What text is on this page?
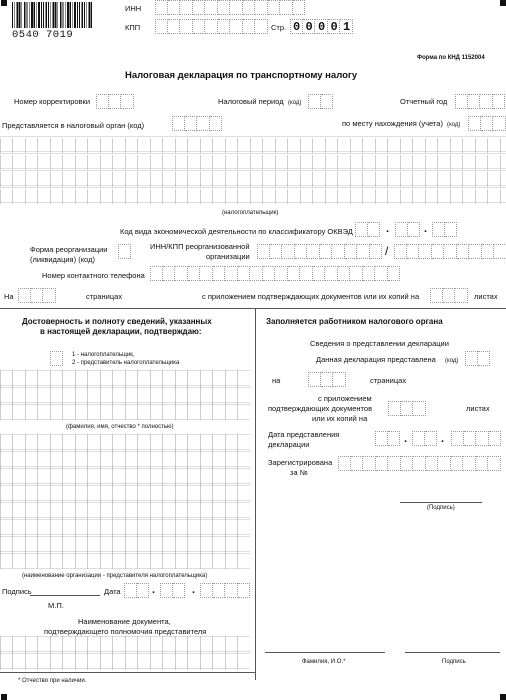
0540 7019
ИНН
КПП	Стр. 0 0 0 0 1
Форма по КНД 1152004
Налоговая декларация по транспортному налогу
Номер корректировки	Налоговый период (код)	Отчетный год
Представляется в налоговый орган (код)	по месту нахождения (учета) (код)
(налогоплательщик)
Код вида экономической деятельности по классификатору ОКВЭД	.	.
Форма реорганизации
(ликвидация) (код)
ИНН/КПП реорганизованной
организации	/
Номер контактного телефона
На	страницах	с приложением подтверждающих документов или их копий на	листах
Достоверность и полноту сведений, указанных
в настоящей декларации, подтверждаю:
1 - налогоплательщик,
2 - представитель налогоплательщика
(фамилия, имя, отчество * полностью)
(наименование организации - представителя налогоплательщика)
Подпись	Дата	.	.
М.П.
Наименование документа,
подтверждающего полномочия представителя
* Отчество при наличии.
Заполняется работником налогового органа
Сведения о представлении декларации
Данная декларация представлена (код)
на	страницах
с приложением
подтверждающих документов
или их копий на
листах
Дата представления
декларации	.	.
Зарегистрирована
за №
(Подпись)
Фамилия, И.О.*	Подпись
